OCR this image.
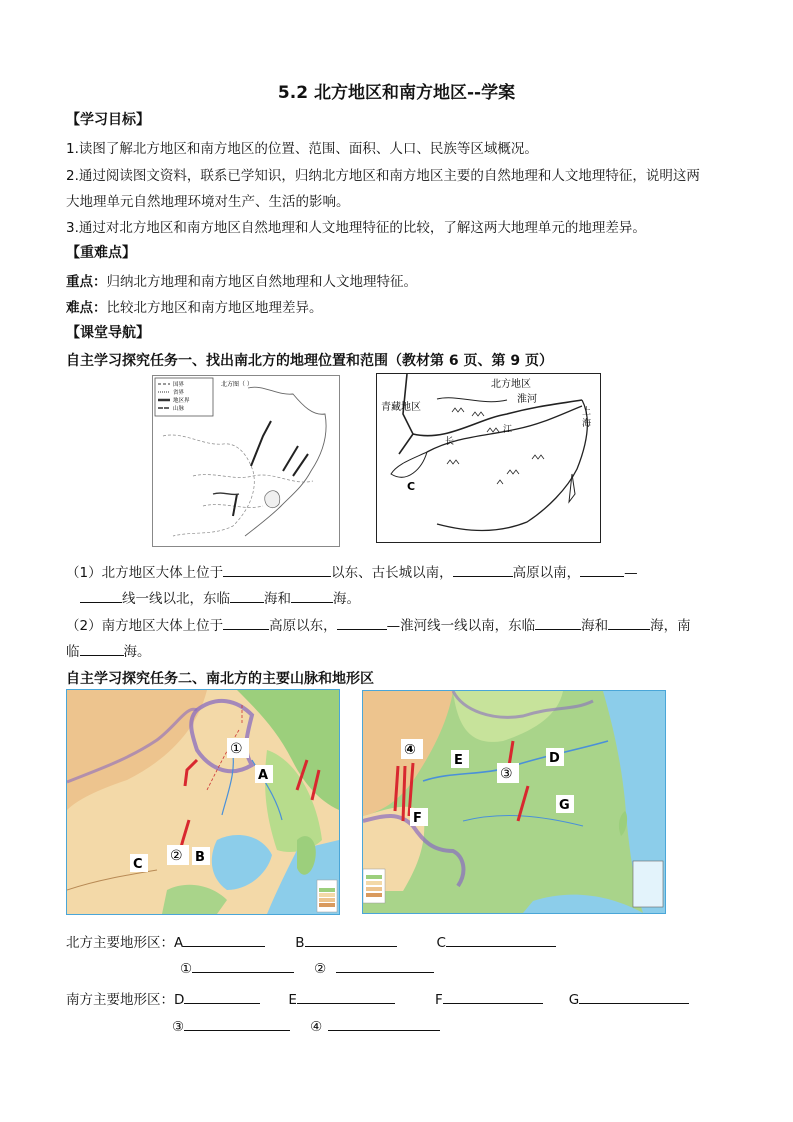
5.2 北方地区和南方地区--学案
【学习目标】
1.读图了解北方地区和南方地区的位置、范围、面积、人口、民族等区域概况。
2.通过阅读图文资料，联系已学知识，归纳北方地区和南方地区主要的自然地理和人文地理特征，说明这两
大地理单元自然地理环境对生产、生活的影响。
3.通过对北方地区和南方地区自然地理和人文地理特征的比较，了解这两大地理单元的地理差异。
【重难点】
重点：归纳北方地理和南方地区自然地理和人文地理特征。
难点：比较北方地区和南方地区地理差异。
【课堂导航】
自主学习探究任务一、找出南北方的地理位置和范围（教材第 6 页、第 9 页）
国界
省界
地区界
山脉
北方图（ ）	北方地区
青藏地区
淮河
长
江
上
海
C
（1）北方地区大体上位于	以东、古长城以南，	高原以南，	—
线一线以北，东临	海和	海。
（2）南方地区大体上位于	高原以东，	—淮河线一线以南，东临	海和	海，南
临	海。
自主学习探究任务二、南北方的主要山脉和地形区
A
B
C
①
②
④
E
③
D
G
F
北方主要地形区：A	B	C
①	②
南方主要地形区：D	E	F	G
③	④
